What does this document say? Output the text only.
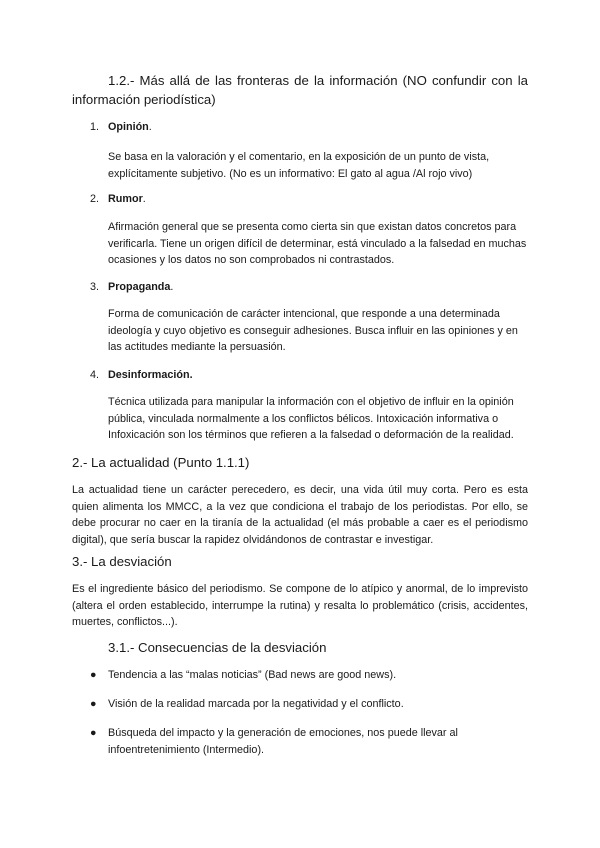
1.2.- Más allá de las fronteras de la información (NO confundir con la información periodística)
1. Opinión.
Se basa en la valoración y el comentario, en la exposición de un punto de vista, explícitamente subjetivo. (No es un informativo: El gato al agua /Al rojo vivo)
2. Rumor.
Afirmación general que se presenta como cierta sin que existan datos concretos para verificarla. Tiene un origen difícil de determinar, está vinculado a la falsedad en muchas ocasiones y los datos no son comprobados ni contrastados.
3. Propaganda.
Forma de comunicación de carácter intencional, que responde a una determinada ideología y cuyo objetivo es conseguir adhesiones. Busca influir en las opiniones y en las actitudes mediante la persuasión.
4. Desinformación.
Técnica utilizada para manipular la información con el objetivo de influir en la opinión pública, vinculada normalmente a los conflictos bélicos. Intoxicación informativa o Infoxicación son los términos que refieren a la falsedad o deformación de la realidad.
2.- La actualidad (Punto 1.1.1)

La actualidad tiene un carácter perecedero, es decir, una vida útil muy corta. Pero es esta quien alimenta los MMCC, a la vez que condiciona el trabajo de los periodistas. Por ello, se debe procurar no caer en la tiranía de la actualidad (el más probable a caer es el periodismo digital), que sería buscar la rapidez olvidándonos de contrastar e investigar.

3.- La desviación

Es el ingrediente básico del periodismo. Se compone de lo atípico y anormal, de lo imprevisto (altera el orden establecido, interrumpe la rutina) y resalta lo problemático (crisis, accidentes, muertes, conflictos...).

3.1.- Consecuencias de la desviación
● Tendencia a las “malas noticias” (Bad news are good news).
● Visión de la realidad marcada por la negatividad y el conflicto.
● Búsqueda del impacto y la generación de emociones, nos puede llevar al infoentretenimiento (Intermedio).
